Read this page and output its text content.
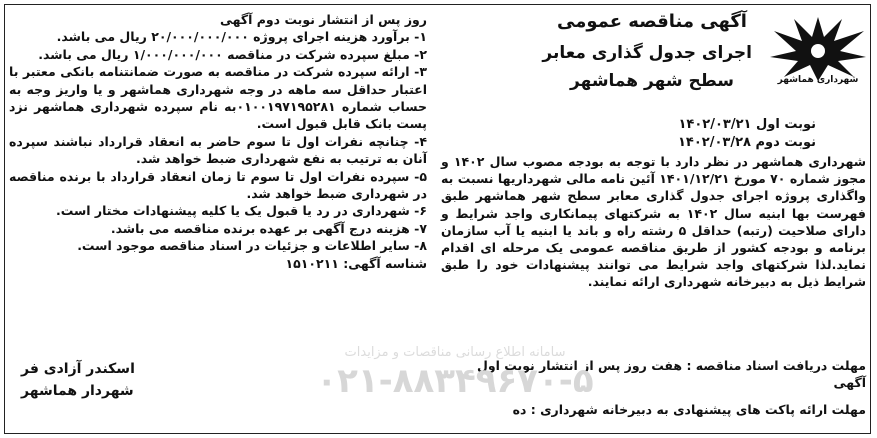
شهرداری هماشهر
آگهی مناقصه عمومی
اجرای جدول گذاری معابر
سطح شهر هماشهر
نوبت اول ۱۴۰۲/۰۳/۲۱
نوبت دوم ۱۴۰۲/۰۳/۲۸
شهرداری هماشهر در نظر دارد با توجه به بودجه مصوب سال ۱۴۰۲ و مجوز شماره ۷۰ مورخ ۱۴۰۱/۱۲/۲۱ آئین نامه مالی شهرداریها نسبت به واگذاری پروژه اجرای جدول گذاری معابر سطح شهر هماشهر طبق فهرست بها ابنیه سال ۱۴۰۲ به شرکتهای پیمانکاری واجد شرایط و دارای صلاحیت (رتبه) حداقل ۵ رشته راه و باند یا ابنیه یا آب سازمان برنامه و بودجه کشور از طریق مناقصه عمومی یک مرحله ای اقدام نماید.لذا شرکتهای واجد شرایط می توانند پیشنهادات خود را طبق شرایط ذیل به دبیرخانه شهرداری ارائه نمایند.
مهلت دریافت اسناد مناقصه : هفت روز پس از انتشار نوبت اول آگهی
مهلت ارائه پاکت های پیشنهادی به دبیرخانه شهرداری : ده
روز پس از انتشار نوبت دوم آگهی
۱- برآورد هزینه اجرای پروژه ۲۰/۰۰۰/۰۰۰/۰۰۰ ریال می باشد.
۲- مبلغ سپرده شرکت در مناقصه ۱/۰۰۰/۰۰۰/۰۰۰ ریال می باشد.
۳- ارائه سپرده شرکت در مناقصه به صورت ضمانتنامه بانکی معتبر با اعتبار حداقل سه ماهه در وجه شهرداری هماشهر و یا واریز وجه به حساب شماره ۰۱۰۰۱۹۷۱۹۵۲۸۱به نام سپرده شهرداری هماشهر نزد پست بانک قابل قبول است.
۴- چنانچه نفرات اول تا سوم حاضر به انعقاد قرارداد نباشند سپرده آنان به ترتیب به نفع شهرداری ضبط خواهد شد.
۵- سپرده نفرات اول تا سوم تا زمان انعقاد قرارداد با برنده مناقصه در شهرداری ضبط خواهد شد.
۶- شهرداری در رد یا قبول یک یا کلیه پیشنهادات مختار است.
۷- هزینه درج آگهی بر عهده برنده مناقصه می باشد.
۸- سایر اطلاعات و جزئیات در اسناد مناقصه موجود است.
شناسه آگهی: ۱۵۱۰۲۱۱
اسکندر آزادی فر
شهردار هماشهر
سامانه اطلاع رسانی مناقصات و مزایدات
۰۲۱-۸۸۳۴۹۶۷۰-۵
